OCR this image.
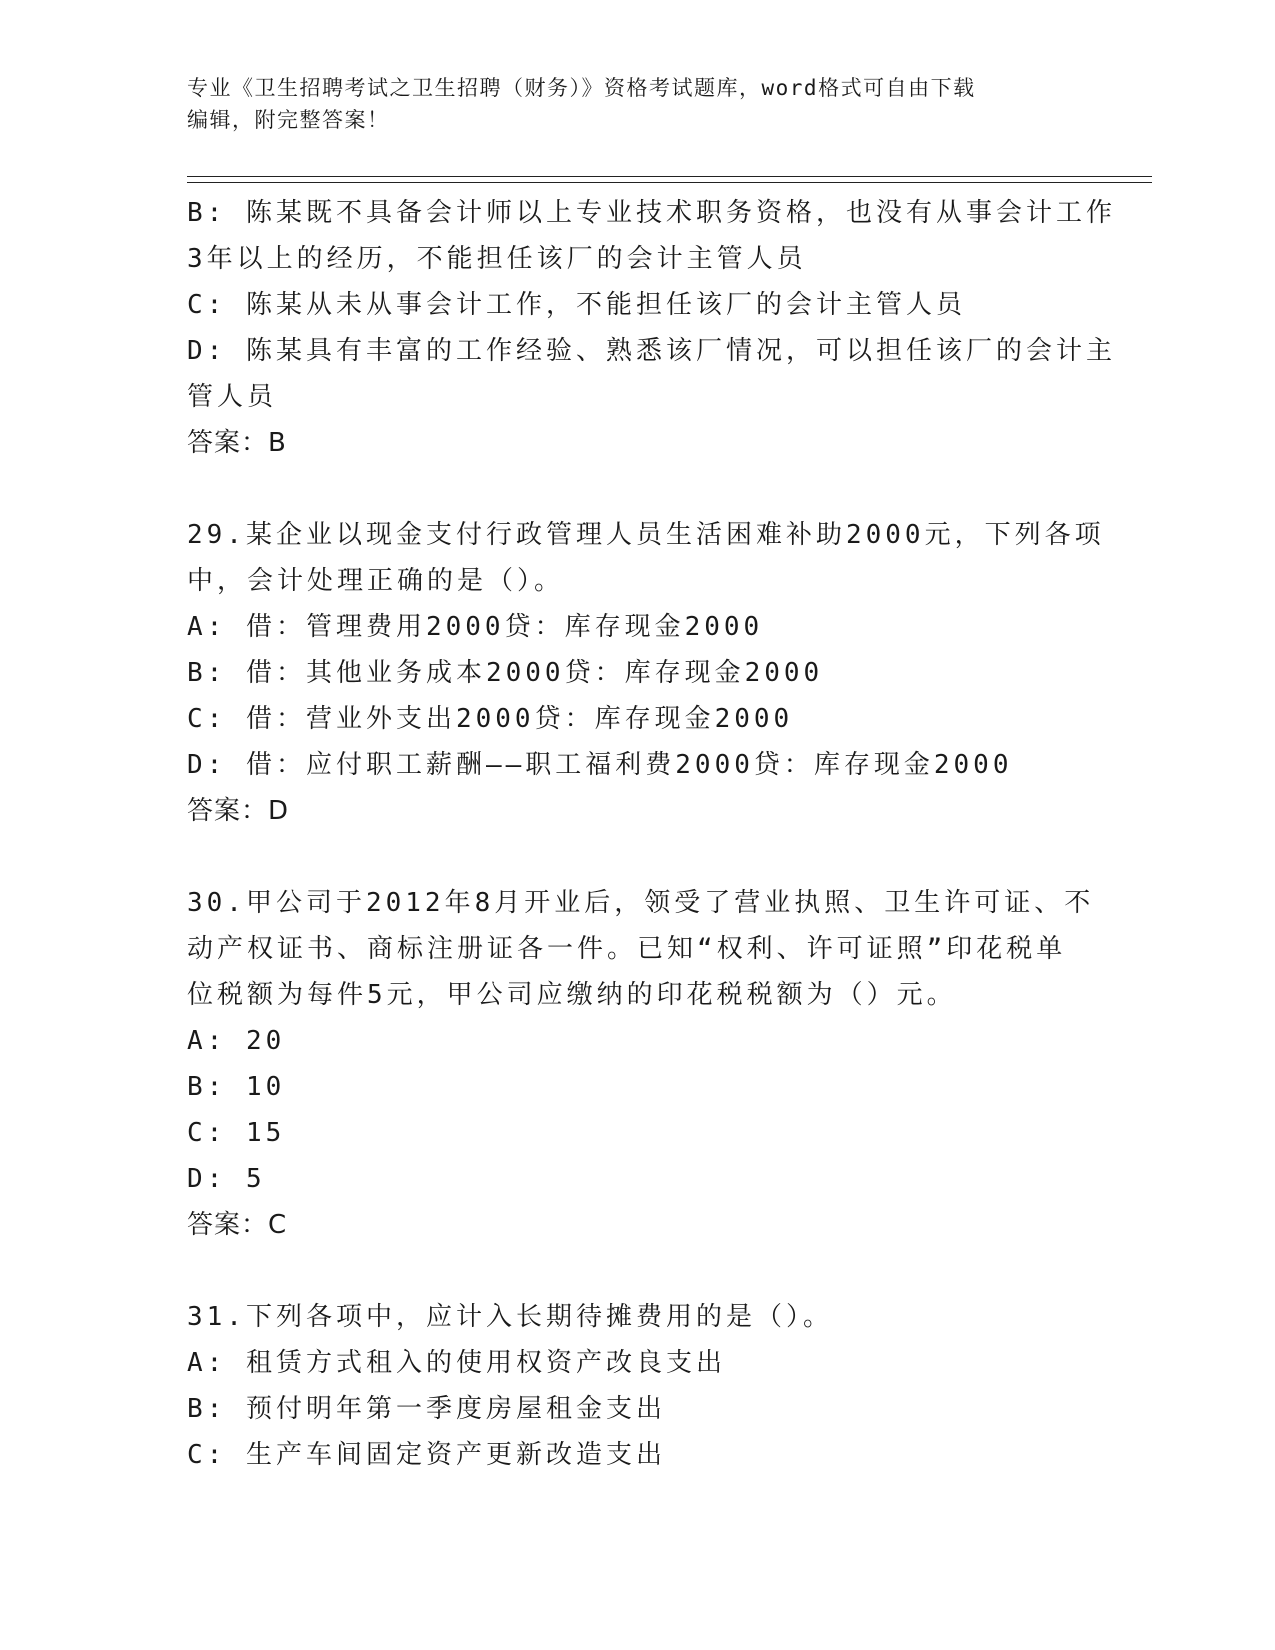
专业《卫生招聘考试之卫生招聘（财务）》资格考试题库，word格式可自由下载
编辑，附完整答案！
B: 陈某既不具备会计师以上专业技术职务资格，也没有从事会计工作
3年以上的经历，不能担任该厂的会计主管人员
C: 陈某从未从事会计工作，不能担任该厂的会计主管人员
D: 陈某具有丰富的工作经验、熟悉该厂情况，可以担任该厂的会计主
管人员
答案：B
29.某企业以现金支付行政管理人员生活困难补助2000元，下列各项
中，会计处理正确的是（）。
A: 借：管理费用2000贷：库存现金2000
B: 借：其他业务成本2000贷：库存现金2000
C: 借：营业外支出2000贷：库存现金2000
D: 借：应付职工薪酬——职工福利费2000贷：库存现金2000
答案：D
30.甲公司于2012年8月开业后，领受了营业执照、卫生许可证、不
动产权证书、商标注册证各一件。已知“权利、许可证照”印花税单
位税额为每件5元，甲公司应缴纳的印花税税额为（）元。
A: 20
B: 10
C: 15
D: 5
答案：C
31.下列各项中，应计入长期待摊费用的是（）。
A: 租赁方式租入的使用权资产改良支出
B: 预付明年第一季度房屋租金支出
C: 生产车间固定资产更新改造支出
